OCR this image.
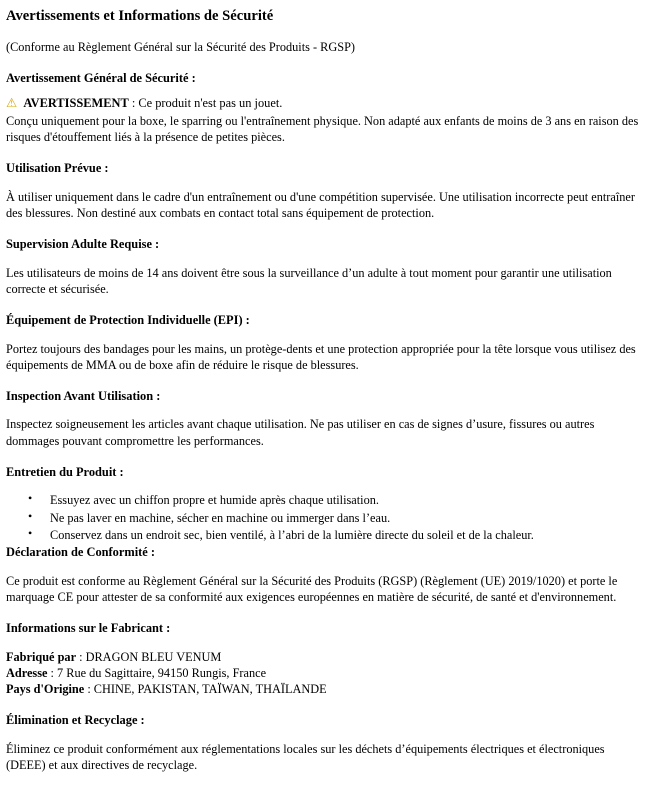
Avertissements et Informations de Sécurité

(Conforme au Règlement Général sur la Sécurité des Produits - RGSP)

Avertissement Général de Sécurité :

⚠ AVERTISSEMENT : Ce produit n'est pas un jouet.

Conçu uniquement pour la boxe, le sparring ou l'entraînement physique. Non adapté aux enfants de moins de 3 ans en raison des risques d'étouffement liés à la présence de petites pièces.

Utilisation Prévue :

À utiliser uniquement dans le cadre d'un entraînement ou d'une compétition supervisée. Une utilisation incorrecte peut entraîner des blessures. Non destiné aux combats en contact total sans équipement de protection.

Supervision Adulte Requise :

Les utilisateurs de moins de 14 ans doivent être sous la surveillance d’un adulte à tout moment pour garantir une utilisation correcte et sécurisée.

Équipement de Protection Individuelle (EPI) :

Portez toujours des bandages pour les mains, un protège-dents et une protection appropriée pour la tête lorsque vous utilisez des équipements de MMA ou de boxe afin de réduire le risque de blessures.

Inspection Avant Utilisation :

Inspectez soigneusement les articles avant chaque utilisation. Ne pas utiliser en cas de signes d’usure, fissures ou autres dommages pouvant compromettre les performances.

Entretien du Produit :
• Essuyez avec un chiffon propre et humide après chaque utilisation.
• Ne pas laver en machine, sécher en machine ou immerger dans l’eau.
• Conservez dans un endroit sec, bien ventilé, à l’abri de la lumière directe du soleil et de la chaleur.
Déclaration de Conformité :

Ce produit est conforme au Règlement Général sur la Sécurité des Produits (RGSP) (Règlement (UE) 2019/1020) et porte le marquage CE pour attester de sa conformité aux exigences européennes en matière de sécurité, de santé et d'environnement.

Informations sur le Fabricant :
Fabriqué par : DRAGON BLEU VENUM
Adresse : 7 Rue du Sagittaire, 94150 Rungis, France
Pays d'Origine : CHINE, PAKISTAN, TAÏWAN, THAÏLANDE
Élimination et Recyclage :

Éliminez ce produit conformément aux réglementations locales sur les déchets d’équipements électriques et électroniques (DEEE) et aux directives de recyclage.
